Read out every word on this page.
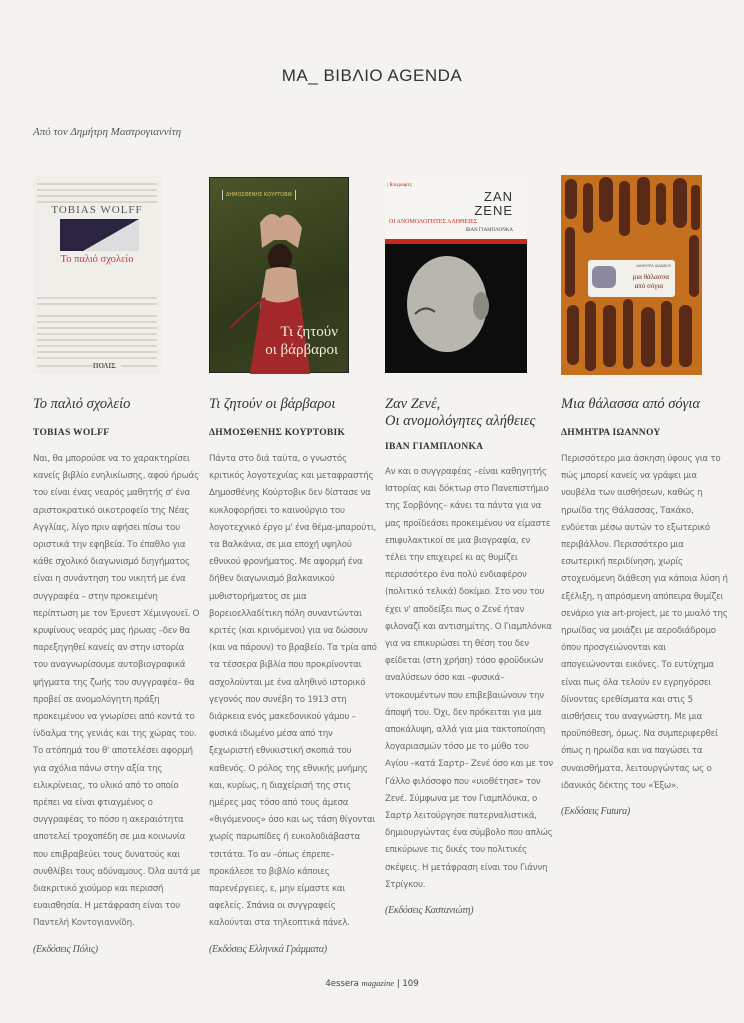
MA_ BIBΛIO AGENDA
Από τον Δημήτρη Μαστρογιαννίτη
TOBIAS WOLFF
Το παλιό σχολείο
ΠΟΛΙΣ
ΔΗΜΟΣΘΕΝΗΣ ΚΟΥΡΤΟΒΙΚ
Τι ζητούν
οι βάρβαροι
| Βιογραφίες
ZAN
ZENE
ΟΙ ΑΝΟΜΟΛΟΓΗΤΕΣ ΑΛΗΘΕΙΕΣ
ΙΒΑΝ ΓΙΑΜΠΛΟΝΚΑ
ΔΗΜΗΤΡΑ ΙΩΑΝΝΟΥ
μια θάλασσα
από σόγια
Το παλιό σχολείο
TOBIAS WOLFF

Ναι, θα μπορούσε να το χαρακτηρίσει κανείς βιβλίο ενηλικίωσης, αφού ήρωάς του είναι ένας νεαρός μαθητής σ' ένα αριστοκρατικό οικοτροφείο της Νέας Αγγλίας, λίγο πριν αφήσει πίσω του οριστικά την εφηβεία. Το έπαθλο για κάθε σχολικό διαγωνισμό διηγήματος είναι η συνάντηση του νικητή με ένα συγγραφέα – στην προκειμένη περίπτωση με τον Έρνεστ Χέμινγουεϊ. Ο κρυψίνους νεαρός μας ήρωας –δεν θα παρεξηγηθεί κανείς αν στην ιστορία του αναγνωρίσουμε αυτοβιογραφικά ψήγματα της ζωής του συγγραφέα– θα προβεί σε ανομολόγητη πράξη προκειμένου να γνωρίσει από κοντά το ίνδαλμα της γενιάς και της χώρας του. Το ατόπημά του θ' αποτελέσει αφορμή για σχόλια πάνω στην αξία της ειλικρίνειας, το υλικό από το οποίο πρέπει να είναι φτιαγμένος ο συγγραφέας το πόσο η ακεραιότητα αποτελεί τροχοπέδη σε μια κοινωνία που επιβραβεύει τους δυνατούς και συνθλίβει τους αδύναμους. Όλα αυτά με διακριτικό χιούμορ και περισσή ευαισθησία. Η μετάφραση είναι του Παντελή Κοντογιαννίδη.

(Εκδόσεις Πόλις)

Τι ζητούν οι βάρβαροι
ΔΗΜΟΣΘΕΝΗΣ ΚΟΥΡΤΟΒΙΚ

Πάντα στο διά ταύτα, ο γνωστός κριτικός λογοτεχνίας και μεταφραστής Δημοσθένης Κούρτοβικ δεν δίστασε να κυκλοφορήσει το καινούργιο του λογοτεχνικό έργο μ' ένα θέμα-μπαρούτι, τα Βαλκάνια, σε μια εποχή υψηλού εθνικού φρονήματος. Με αφορμή ένα δήθεν διαγωνισμό βαλκανικού μυθιστορήματος σε μια βορειοελλαδίτικη πόλη συναντώνται κριτές (και κρινόμενοι) για να δώσουν (και να πάρουν) το βραβείο. Τα τρία από τα τέσσερα βιβλία που προκρίνονται ασχολούνται με ένα αληθινό ιστορικό γεγονός που συνέβη το 1913 στη διάρκεια ενός μακεδονικού γάμου – φυσικά ιδωμένο μέσα από την ξεχωριστή εθνικιστική σκοπιά του καθενός. Ο ρόλος της εθνικής μνήμης και, κυρίως, η διαχείρισή της στις ημέρες μας τόσο από τους άμεσα «θιγόμενους» όσο και ως τάση θίγονται χωρίς παρωπίδες ή ευκολοδιάβαστα τσιτάτα. Το αν –όπως έπρεπε– προκάλεσε το βιβλίο κάποιες παρενέργειες, ε, μην είμαστε και αφελείς. Σπάνια οι συγγραφείς καλούνται στα τηλεοπτικά πάνελ.

(Εκδόσεις Ελληνικά Γράμματα)

Ζαν Ζενέ,
Οι ανομολόγητες αλήθειες
ΙΒΑΝ ΓΙΑΜΠΛΟΝΚΑ

Αν και ο συγγραφέας –είναι καθηγητής Ιστορίας και δόκτωρ στο Πανεπιστήμιο της Σορβόνης– κάνει τα πάντα για να μας προϊδεάσει προκειμένου να είμαστε επιφυλακτικοί σε μια βιογραφία, εν τέλει την επιχειρεί κι ας θυμίζει περισσότερο ένα πολύ ενδιαφέρον (πολιτικό τελικά) δοκίμιο. Στο νου του έχει ν' αποδείξει πως ο Ζενέ ήταν φιλοναζί και αντισημίτης. Ο Γιαμπλόνκα για να επικυρώσει τη θέση του δεν φείδεται (στη χρήση) τόσο φροϋδικών αναλύσεων όσο και –φυσικά– ντοκουμέντων που επιβεβαιώνουν την άποψή του. Όχι, δεν πρόκειται για μια αποκάλυψη, αλλά για μια τακτοποίηση λογαριασμών τόσο με το μύθο του Αγίου –κατά Σαρτρ– Ζενέ όσο και με τον Γάλλο φιλόσοφο που «υιοθέτησε» τον Ζενέ. Σύμφωνα με τον Γιαμπλόνκα, ο Σαρτρ λειτούργησε πατερναλιστικά, δημιουργώντας ένα σύμβολο που απλώς επικύρωνε τις δικές του πολιτικές σκέψεις. Η μετάφραση είναι του Γιάννη Στρίγκου.

(Εκδόσεις Καστανιώτη)

Μια θάλασσα από σόγια
ΔΗΜΗΤΡΑ ΙΩΑΝΝΟΥ

Περισσότερο μια άσκηση ύφους για το πώς μπορεί κανείς να γράψει μια νουβέλα των αισθήσεων, καθώς η ηρωίδα της Θάλασσας, Τακάκο, ενδύεται μέσω αυτών το εξωτερικό περιβάλλον. Περισσότερο μια εσωτερική περιδίνηση, χωρίς στοχευόμενη διάθεση για κάποια λύση ή εξέλιξη, η απρόσμενη απόπειρα θυμίζει σενάριο για art-project, με το μυαλό της ηρωίδας να μοιάζει με αεροδιάδρομο όπου προσγειώνονται και απογειώνονται εικόνες. Το ευτύχημα είναι πως όλα τελούν εν εγρηγόρσει δίνοντας ερεθίσματα και στις 5 αισθήσεις του αναγνώστη. Με μια προϋπόθεση, όμως. Να συμπεριφερθεί όπως η ηρωίδα και να παγώσει τα συναισθήματα, λειτουργώντας ως ο ιδανικός δέκτης του «Έξω».

(Εκδόσεις Futura)

4essera magazine | 109
